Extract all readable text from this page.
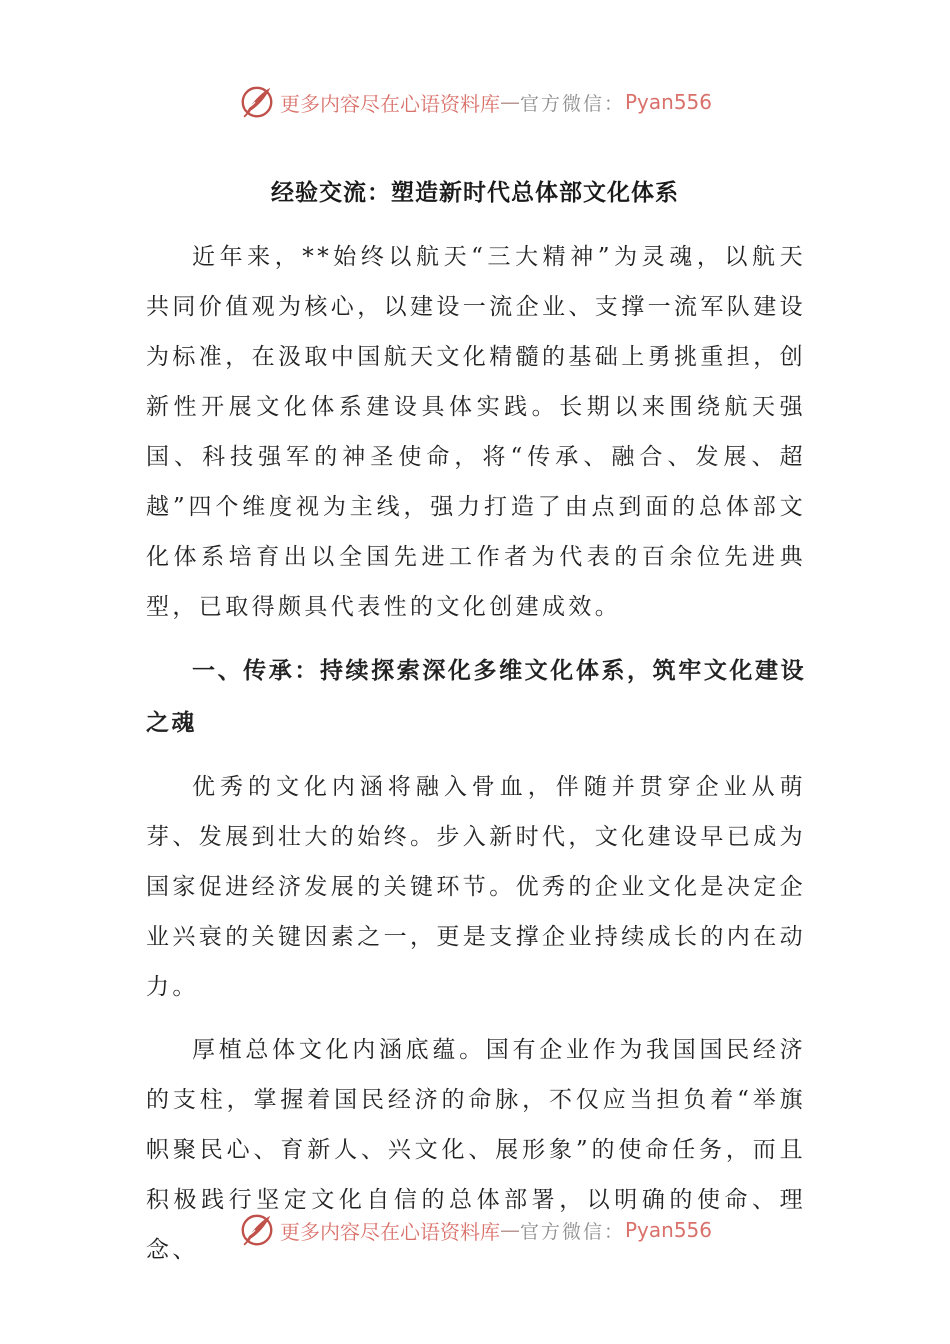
更多内容尽在心语资料库 — 官方微信： Pyan556
经验交流：塑造新时代总体部文化体系

近年来，**始终以航天“三大精神”为灵魂，以航天共同价值观为核心，以建设一流企业、支撑一流军队建设为标准，在汲取中国航天文化精髓的基础上勇挑重担，创新性开展文化体系建设具体实践。长期以来围绕航天强国、科技强军的神圣使命，将“传承、融合、发展、超越”四个维度视为主线，强力打造了由点到面的总体部文化体系培育出以全国先进工作者为代表的百余位先进典型，已取得颇具代表性的文化创建成效。

一、传承：持续探索深化多维文化体系，筑牢文化建设之魂

优秀的文化内涵将融入骨血，伴随并贯穿企业从萌芽、发展到壮大的始终。步入新时代，文化建设早已成为国家促进经济发展的关键环节。优秀的企业文化是决定企业兴衰的关键因素之一，更是支撑企业持续成长的内在动力。

厚植总体文化内涵底蕴。国有企业作为我国国民经济的支柱，掌握着国民经济的命脉，不仅应当担负着“举旗帜聚民心、育新人、兴文化、展形象”的使命任务，而且积极践行坚定文化自信的总体部署，以明确的使命、理念、

更多内容尽在心语资料库 — 官方微信： Pyan556
